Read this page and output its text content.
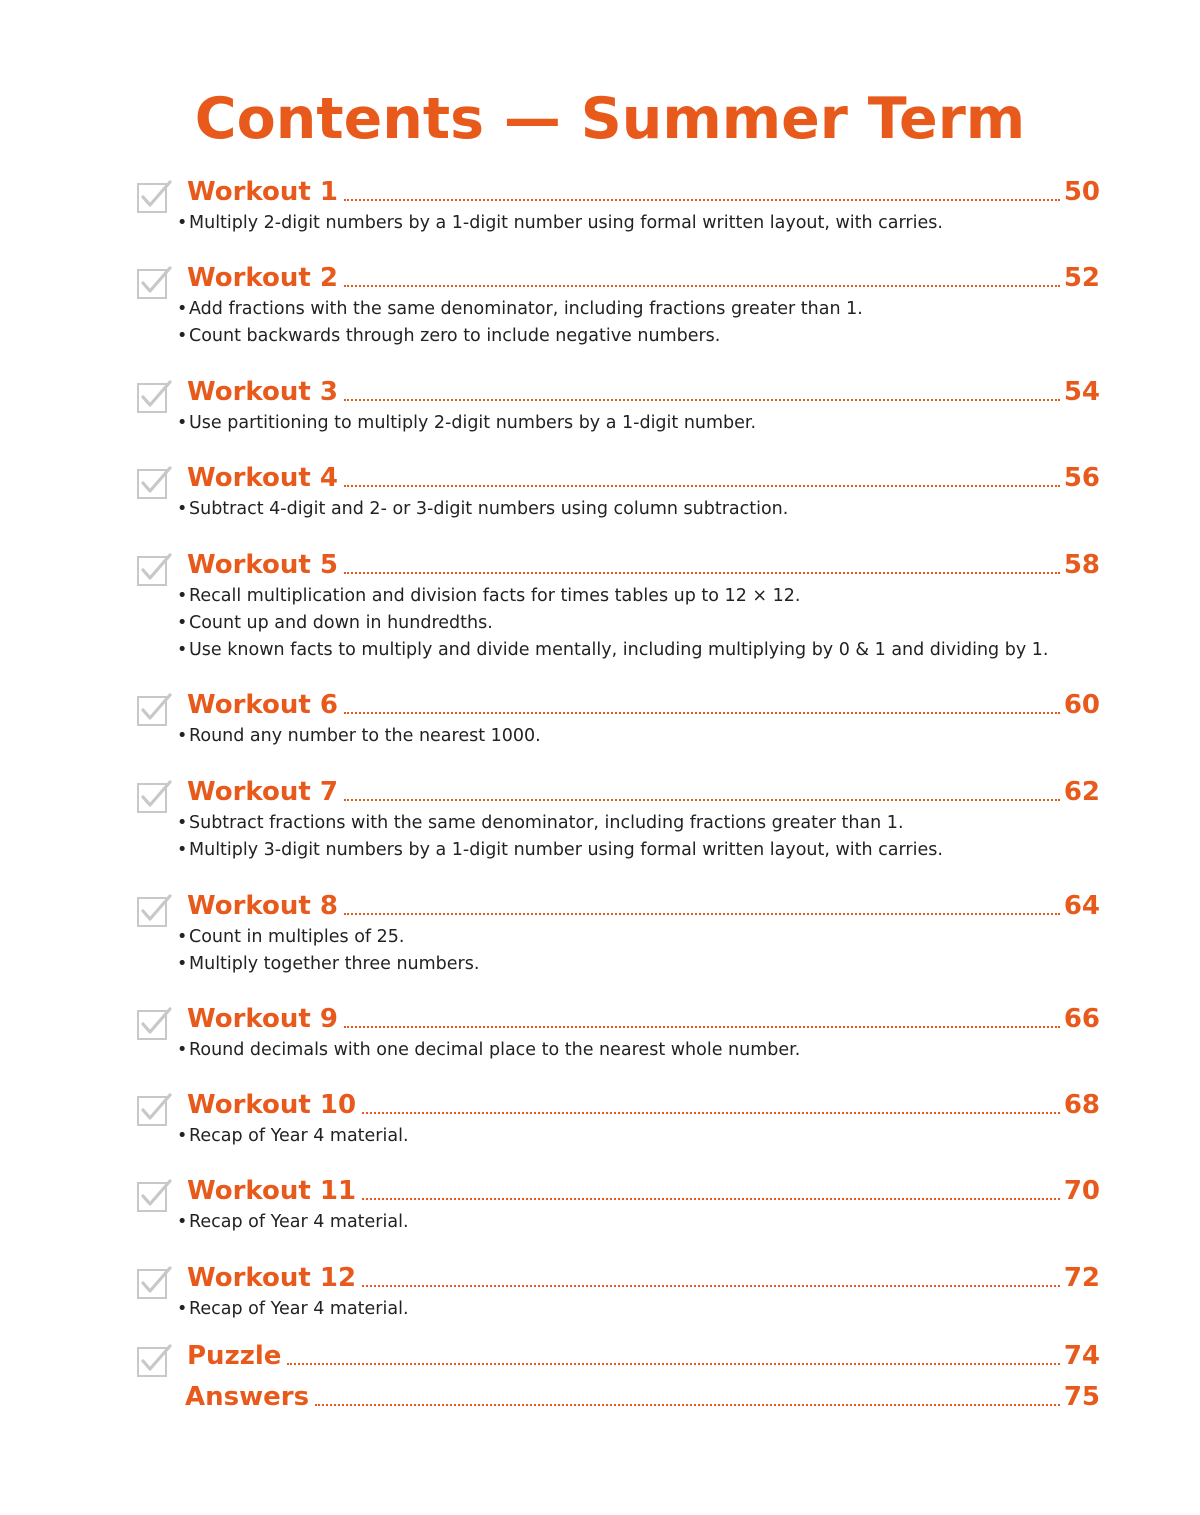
Contents — Summer Term
Workout 1	50
•Multiply 2-digit numbers by a 1-digit number using formal written layout, with carries.
Workout 2	52
•Add fractions with the same denominator, including fractions greater than 1.
•Count backwards through zero to include negative numbers.
Workout 3	54
•Use partitioning to multiply 2-digit numbers by a 1-digit number.
Workout 4	56
•Subtract 4-digit and 2- or 3-digit numbers using column subtraction.
Workout 5	58
•Recall multiplication and division facts for times tables up to 12 × 12.
•Count up and down in hundredths.
•Use known facts to multiply and divide mentally, including multiplying by 0 & 1 and dividing by 1.
Workout 6	60
•Round any number to the nearest 1000.
Workout 7	62
•Subtract fractions with the same denominator, including fractions greater than 1.
•Multiply 3-digit numbers by a 1-digit number using formal written layout, with carries.
Workout 8	64
•Count in multiples of 25.
•Multiply together three numbers.
Workout 9	66
•Round decimals with one decimal place to the nearest whole number.
Workout 10	68
•Recap of Year 4 material.
Workout 11	70
•Recap of Year 4 material.
Workout 12	72
•Recap of Year 4 material.
Puzzle	74
Answers	75
